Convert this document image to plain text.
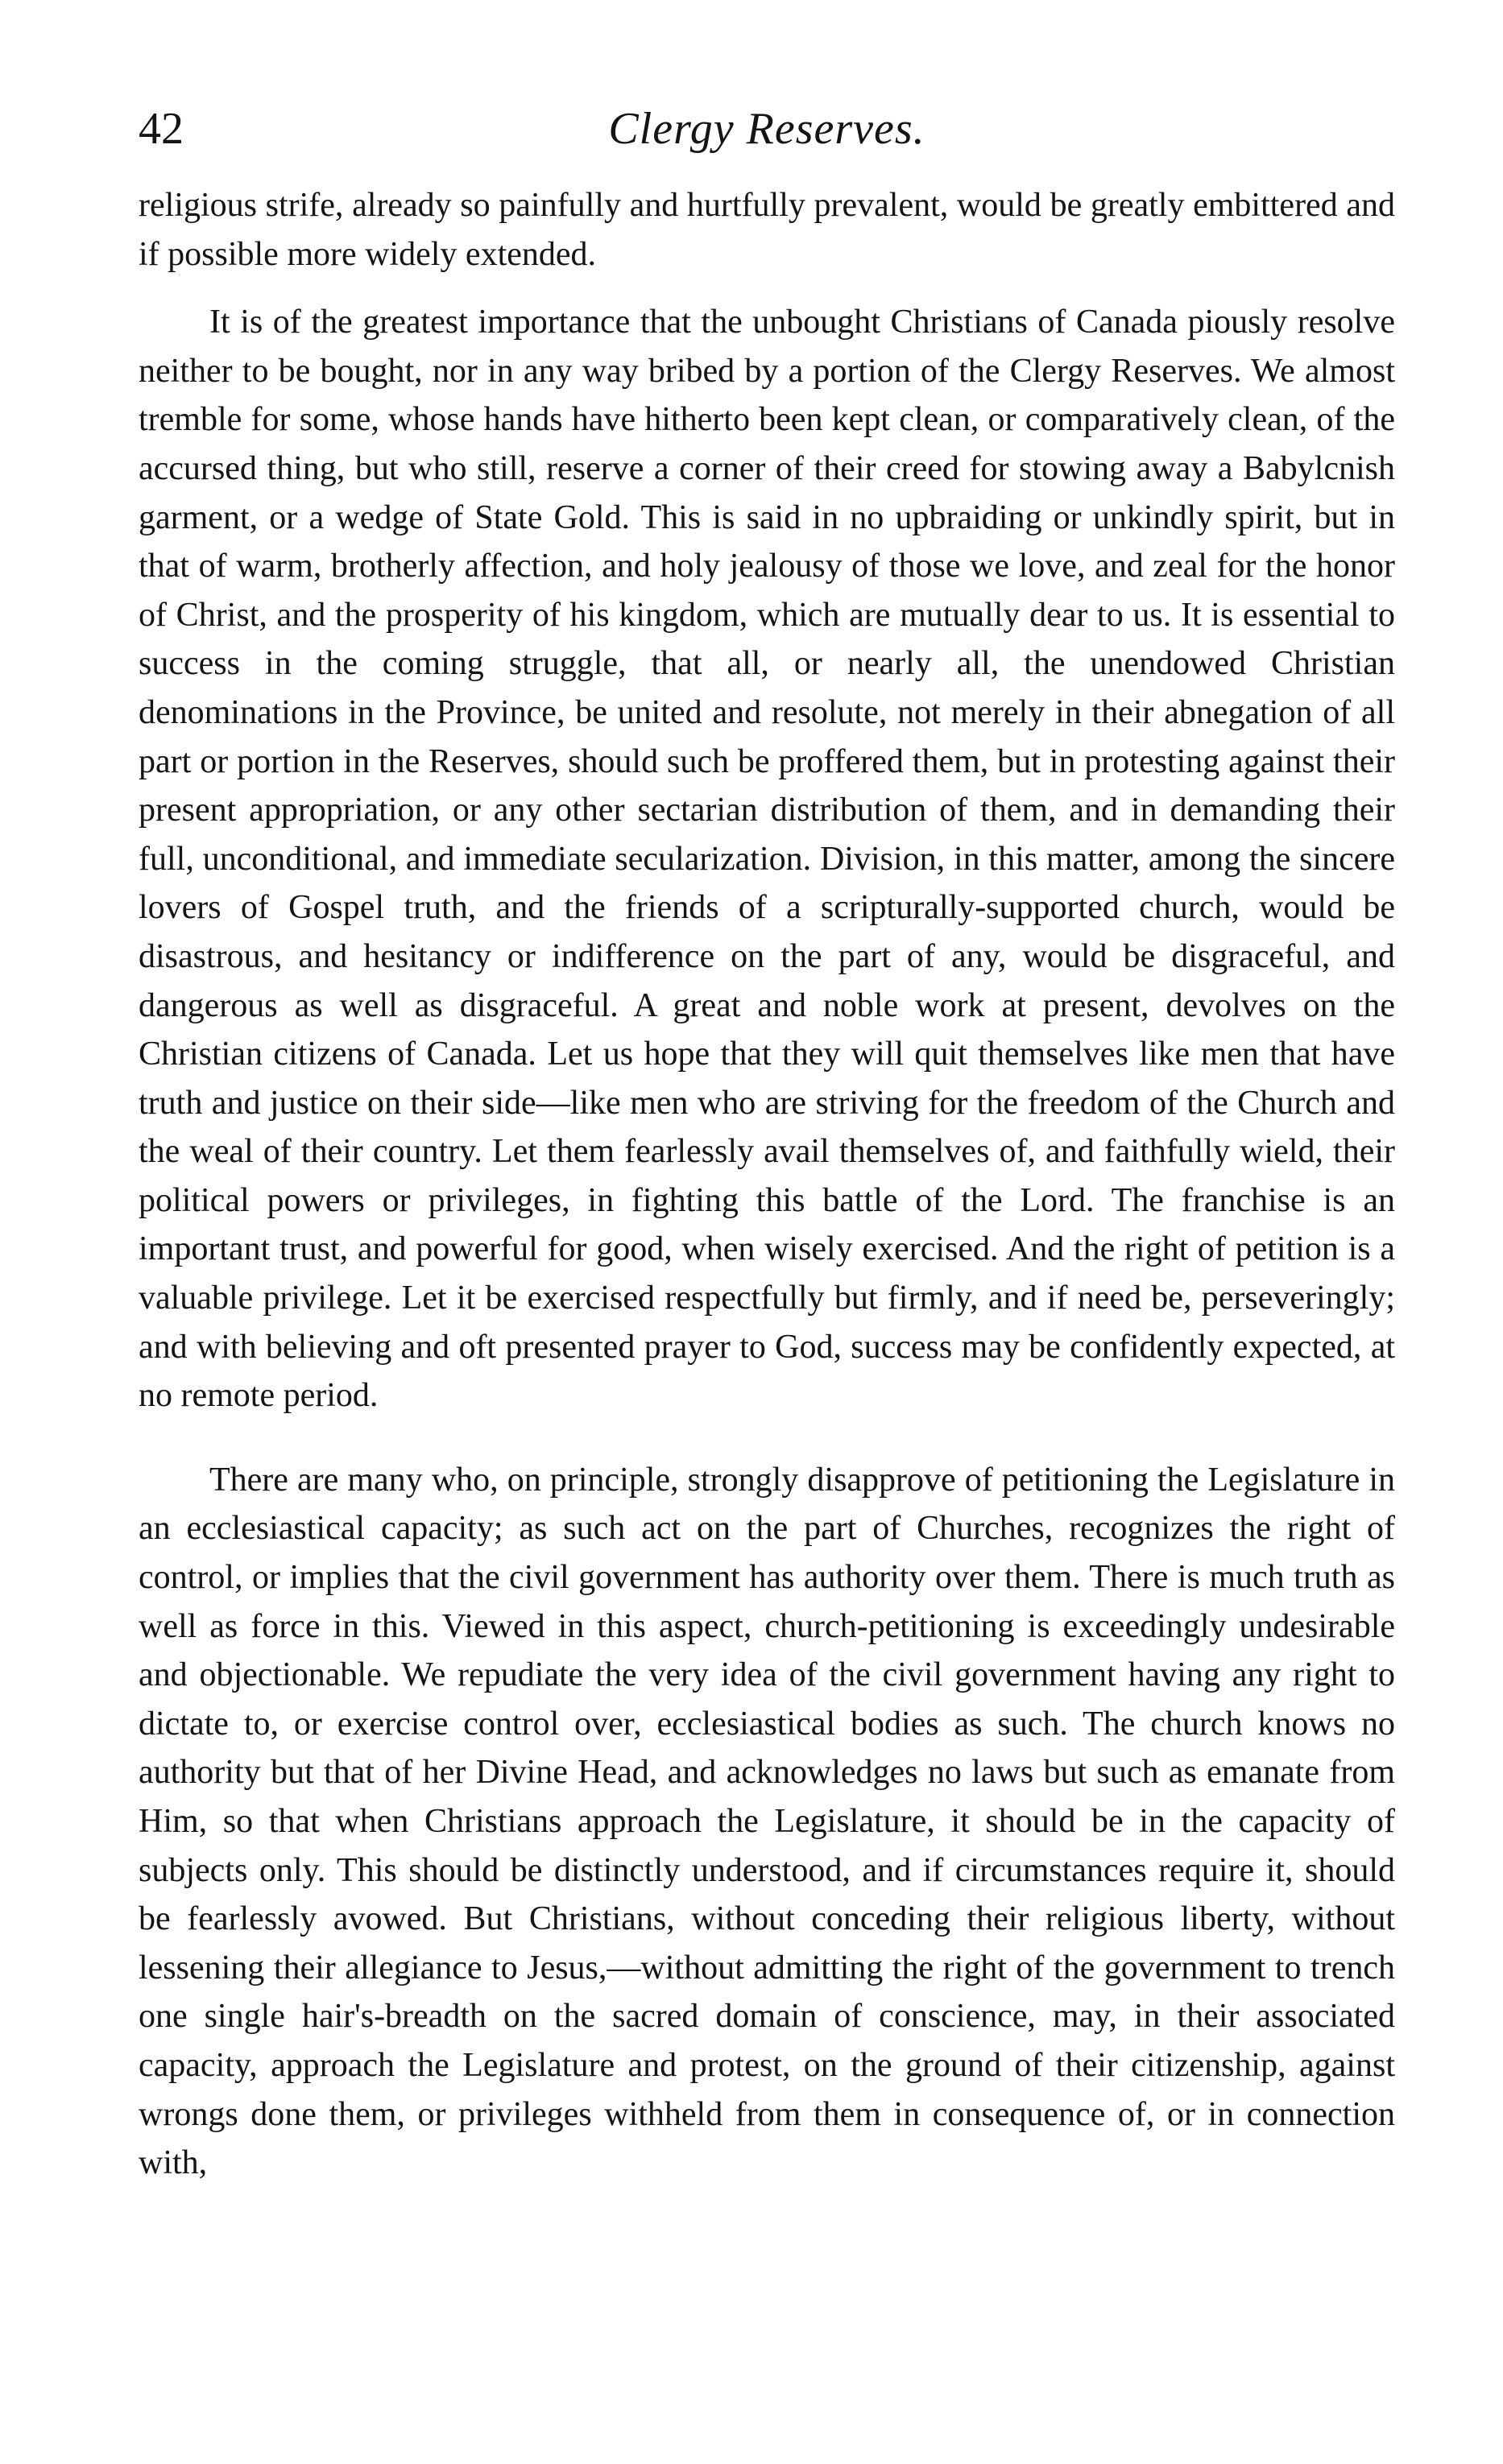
42	Clergy Reserves.

religious strife, already so painfully and hurtfully prevalent, would be greatly embittered and if possible more widely extended.

It is of the greatest importance that the unbought Christians of Canada piously resolve neither to be bought, nor in any way bribed by a portion of the Clergy Reserves. We almost tremble for some, whose hands have hitherto been kept clean, or comparatively clean, of the accursed thing, but who still, reserve a corner of their creed for stowing away a Babylcnish garment, or a wedge of State Gold. This is said in no upbraiding or unkindly spirit, but in that of warm, brotherly affection, and holy jealousy of those we love, and zeal for the honor of Christ, and the prosperity of his kingdom, which are mutually dear to us. It is essential to success in the coming struggle, that all, or nearly all, the unendowed Christian denominations in the Province, be united and resolute, not merely in their abnegation of all part or portion in the Reserves, should such be proffered them, but in protesting against their present appropriation, or any other sectarian distribution of them, and in demanding their full, unconditional, and immediate secularization. Division, in this matter, among the sincere lovers of Gospel truth, and the friends of a scripturally-supported church, would be disastrous, and hesitancy or indifference on the part of any, would be disgraceful, and dangerous as well as disgraceful. A great and noble work at present, devolves on the Christian citizens of Canada. Let us hope that they will quit themselves like men that have truth and justice on their side—like men who are striving for the freedom of the Church and the weal of their country. Let them fearlessly avail themselves of, and faithfully wield, their political powers or privileges, in fighting this battle of the Lord. The franchise is an important trust, and powerful for good, when wisely exercised. And the right of petition is a valuable privilege. Let it be exercised respectfully but firmly, and if need be, perseveringly; and with believing and oft presented prayer to God, success may be confidently expected, at no remote period.

There are many who, on principle, strongly disapprove of petitioning the Legislature in an ecclesiastical capacity; as such act on the part of Churches, recognizes the right of control, or implies that the civil government has authority over them. There is much truth as well as force in this. Viewed in this aspect, church-petitioning is exceedingly undesirable and objectionable. We repudiate the very idea of the civil government having any right to dictate to, or exercise control over, ecclesiastical bodies as such. The church knows no authority but that of her Divine Head, and acknowledges no laws but such as emanate from Him, so that when Christians approach the Legislature, it should be in the capacity of subjects only. This should be distinctly understood, and if circumstances require it, should be fearlessly avowed. But Christians, without conceding their religious liberty, without lessening their allegiance to Jesus,—without admitting the right of the government to trench one single hair's-breadth on the sacred domain of conscience, may, in their associated capacity, approach the Legislature and protest, on the ground of their citizenship, against wrongs done them, or privileges withheld from them in consequence of, or in connection with,
